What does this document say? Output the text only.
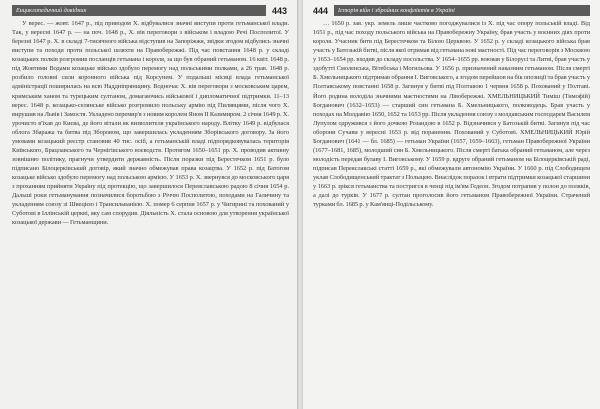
Енциклопедичний довідник	443

У верес. — жовт. 1647 р., під приводом Х. відбувалися значні виступи проти гетьманської влади. Так, у вересні 1647 р. — на поч. 1648 р., Х. вів переговори з військом і владою Речі Посполитої. У березні 1647 р. Х. в складі 7-тисячного війська відступив на Запоріжжя, звідки згодом відбулись значні виступи та походи проти польської шляхти на Правобережжі. Під час повстання 1648 р. у складі козацьких полків розгромив посланців гетьмана і короля, за що був обраний гетьманом. 16 квіт. 1648 р. під Жовтими Водами козацьке військо здобуло перемогу над польськими полками, а 26 трав. 1648 р. розбило головні сили коронного війська під Корсунем. У подальші місяці влада гетьманської адміністрації поширилась на всю Наддніпрянщину. Водночас X. вів переговори з московським царем, кримським ханом та турецьким султаном, домагаючись військової і дипломатичної підтримки. 11–13 верес. 1648 р. козацько-селянське військо розгромило польську армію під Пилявцями, після чого Х. вирушив на Львів і Замостя. Укладено перемир'я з новим королем Яном II Казимиром. 2 січня 1649 р. Х. урочисто в'їхав до Києва, де його вітали як визволителя українського народу. Влітку 1649 р. відбулася облога Збаража та битва під Зборовом, що завершилась укладенням Зборівського договору. За його умовами козацький реєстр становив 40 тис. осіб, а гетьманській владі підпорядковувалась територія Київського, Брацлавського та Чернігівського воєводств. Протягом 1650–1651 рр. Х. проводив активну зовнішню політику, прагнучи утвердити державність. Після поразки під Берестечком 1651 р. було підписано Білоцерківський договір, який значно обмежував права козацтва. У 1652 р. під Батогом козацьке військо здобуло перемогу над польською армією. У 1653 р. Х. звернувся до московського царя з проханням прийняти Україну під протекцію, що завершилося Переяславською радою 8 січня 1654 р. Дальші роки гетьманування позначилися боротьбою з Річчю Посполитою, походами на Галичину та укладенням союзу зі Швецією і Трансильванією. Х. помер 6 серпня 1657 р. у Чигирині та похований у Суботові в Іллінській церкві, яку сам спорудив. Діяльність Х. стала основою для утворення української козацької держави — Гетьманщини.

444	Історія війн і збройних конфліктів в Україні

… 1650 р. зав. укр. земель лише частково погоджувалися із Х. під час опору польській владі. Від 1651 р., під час походу польського війська на Правобережну Україну, брав участь у воєнних діях проти короля. Учасник битв під Берестечком та Білою Церквою. У 1652 р. у складі козацького війська брав участь у Батозькій битві, після якої отримав від гетьмана нові маєтності. Під час переговорів з Москвою у 1653–1654 рр. входив до складу посольства. У 1654–1655 рр. воював у Білорусі та Литві, брав участь у здобутті Смоленська, Вітебська і Могильова. У 1656 р. призначений наказним гетьманом. Після смерті Б. Хмельницького підтримав обрання І. Виговського, а згодом перейшов на бік опозиції та брав участь у Полтавському повстанні 1658 р. Загинув у битві під Полтавою 1 червня 1658 р. Похований у Полтаві. Його родина володіла значними маєтностями на Лівобережжі. ХМЕЛЬНИЦЬКИЙ Тиміш (Тимофій) Богданович (1632–1653) — старший син гетьмана Б. Хмельницького, полководець. Брав участь у походах на Молдавію 1650, 1652 та 1653 рр. Після укладення союзу з молдавським господарем Василем Лупулом одружився з його дочкою Розандою в 1652 р. Відзначився у Батозькій битві. Загинув під час оборони Сучави у вересні 1653 р. від поранення. Похований у Суботові. ХМЕЛЬНИЦЬКИЙ Юрій Богданович (1641 — бл. 1685) — гетьман України (1657, 1659–1663), гетьман Правобережної України (1677–1681, 1685), молодший син Б. Хмельницького. Після смерті батька обраний гетьманом, але через молодість передав булаву І. Виговському. У 1659 р. вдруге обраний гетьманом на Білоцерківській раді, підписав Переяславські статті 1659 р., які обмежували автономію України. У 1660 р. під Слободищем уклав Слободищенський трактат з Польщею. Внаслідок поразок і втрати підтримки козацької старшини у 1663 р. зрікся гетьманства та постригся в ченці під ім'ям Гедеон. Згодом потрапив у полон до поляків, а далі до турків. У 1677 р. султан проголосив його гетьманом Правобережної України. Страчений турками бл. 1685 р. у Кам'янці-Подільському.
